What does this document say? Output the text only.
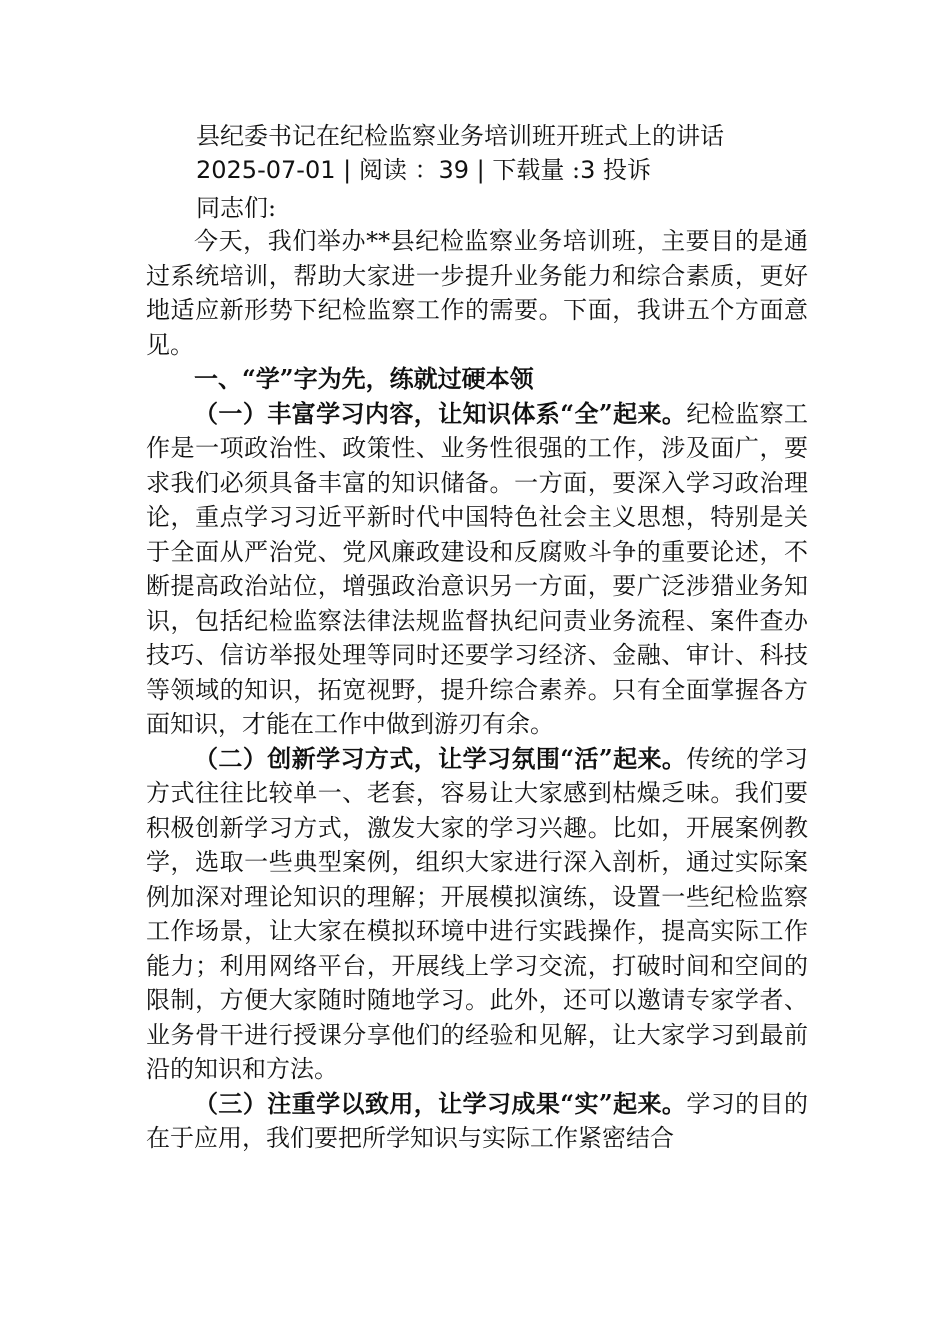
县纪委书记在纪检监察业务培训班开班式上的讲话
2025-07-01 | 阅读 ：39 | 下载量 :3 投诉
同志们:

今天，我们举办**县纪检监察业务培训班，主要目的是通过系统培训，帮助大家进一步提升业务能力和综合素质，更好地适应新形势下纪检监察工作的需要。下面，我讲五个方面意见。

一、“学”字为先，练就过硬本领

（一）丰富学习内容，让知识体系“全”起来。纪检监察工作是一项政治性、政策性、业务性很强的工作，涉及面广，要求我们必须具备丰富的知识储备。一方面，要深入学习政治理论，重点学习习近平新时代中国特色社会主义思想，特别是关于全面从严治党、党风廉政建设和反腐败斗争的重要论述，不断提高政治站位，增强政治意识另一方面，要广泛涉猎业务知识，包括纪检监察法律法规监督执纪问责业务流程、案件查办技巧、信访举报处理等同时还要学习经济、金融、审计、科技等领域的知识，拓宽视野，提升综合素养。只有全面掌握各方面知识，才能在工作中做到游刃有余。

（二）创新学习方式，让学习氛围“活”起来。传统的学习方式往往比较单一、老套，容易让大家感到枯燥乏味。我们要积极创新学习方式，激发大家的学习兴趣。比如，开展案例教学，选取一些典型案例，组织大家进行深入剖析，通过实际案例加深对理论知识的理解；开展模拟演练，设置一些纪检监察工作场景，让大家在模拟环境中进行实践操作，提高实际工作能力；利用网络平台，开展线上学习交流，打破时间和空间的限制，方便大家随时随地学习。此外，还可以邀请专家学者、业务骨干进行授课分享他们的经验和见解，让大家学习到最前沿的知识和方法。

（三）注重学以致用，让学习成果“实”起来。学习的目的在于应用，我们要把所学知识与实际工作紧密结合
